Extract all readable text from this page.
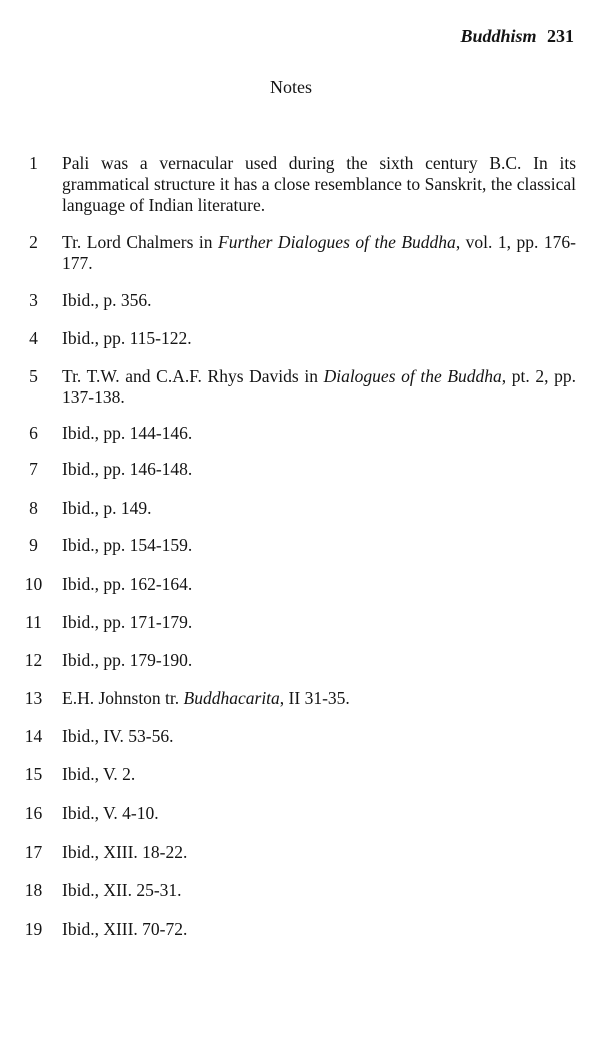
Buddhism 231
Notes
1	Pali was a vernacular used during the sixth century B.C. In its grammatical structure it has a close resemblance to Sanskrit, the classical language of Indian literature.
2	Tr. Lord Chalmers in Further Dialogues of the Buddha, vol. 1, pp. 176-177.
3	Ibid., p. 356.
4	Ibid., pp. 115-122.
5	Tr. T.W. and C.A.F. Rhys Davids in Dialogues of the Buddha, pt. 2, pp. 137-138.
6	Ibid., pp. 144-146.
7	Ibid., pp. 146-148.
8	Ibid., p. 149.
9	Ibid., pp. 154-159.
10	Ibid., pp. 162-164.
11	Ibid., pp. 171-179.
12	Ibid., pp. 179-190.
13	E.H. Johnston tr. Buddhacarita, II 31-35.
14	Ibid., IV. 53-56.
15	Ibid., V. 2.
16	Ibid., V. 4-10.
17	Ibid., XIII. 18-22.
18	Ibid., XII. 25-31.
19	Ibid., XIII. 70-72.
